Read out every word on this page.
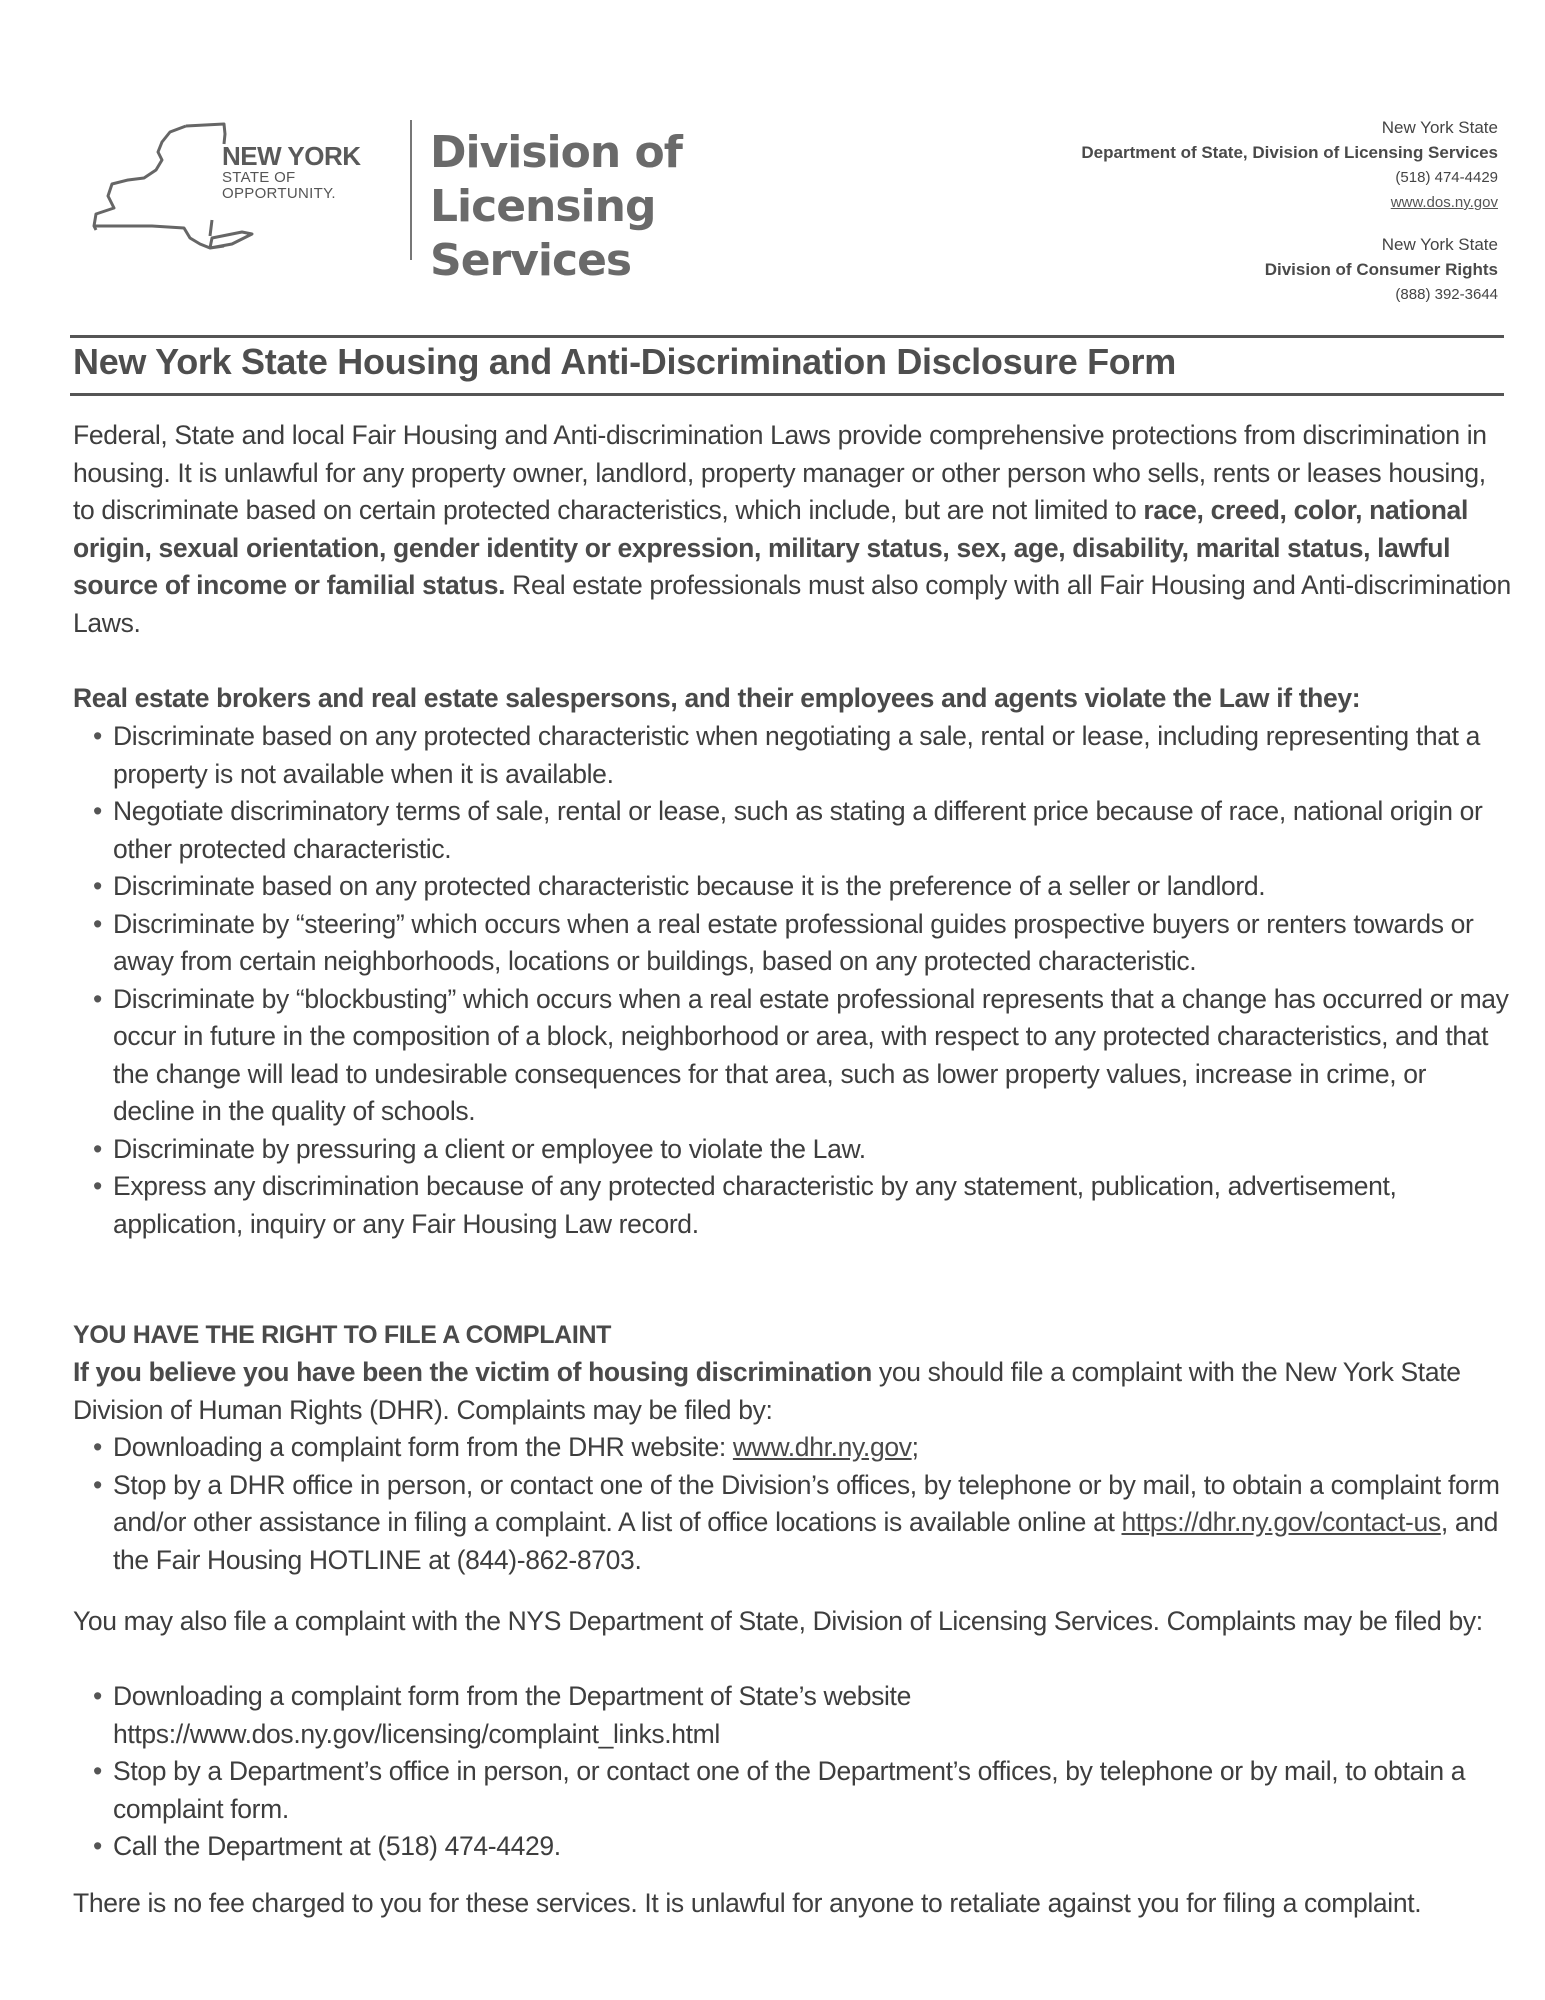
NEW YORK
STATE OF
OPPORTUNITY.
Division of
Licensing Services
New York State
Department of State, Division of Licensing Services
(518) 474-4429
www.dos.ny.gov
New York State
Division of Consumer Rights
(888) 392-3644
New York State Housing and Anti-Discrimination Disclosure Form
Federal, State and local Fair Housing and Anti-discrimination Laws provide comprehensive protections from discrimination in housing. It is unlawful for any property owner, landlord, property manager or other person who sells, rents or leases housing, to discriminate based on certain protected characteristics, which include, but are not limited to race, creed, color, national origin, sexual orientation, gender identity or expression, military status, sex, age, disability, marital status, lawful source of income or familial status. Real estate professionals must also comply with all Fair Housing and Anti-discrimination Laws.
Real estate brokers and real estate salespersons, and their employees and agents violate the Law if they:
• Discriminate based on any protected characteristic when negotiating a sale, rental or lease, including representing that a property is not available when it is available.
• Negotiate discriminatory terms of sale, rental or lease, such as stating a different price because of race, national origin or other protected characteristic.
• Discriminate based on any protected characteristic because it is the preference of a seller or landlord.
• Discriminate by “steering” which occurs when a real estate professional guides prospective buyers or renters towards or away from certain neighborhoods, locations or buildings, based on any protected characteristic.
• Discriminate by “blockbusting” which occurs when a real estate professional represents that a change has occurred or may occur in future in the composition of a block, neighborhood or area, with respect to any protected characteristics, and that the change will lead to undesirable consequences for that area, such as lower property values, increase in crime, or decline in the quality of schools.
• Discriminate by pressuring a client or employee to violate the Law.
• Express any discrimination because of any protected characteristic by any statement, publication, advertisement, application, inquiry or any Fair Housing Law record.
YOU HAVE THE RIGHT TO FILE A COMPLAINT
If you believe you have been the victim of housing discrimination you should file a complaint with the New York State Division of Human Rights (DHR). Complaints may be filed by:
• Downloading a complaint form from the DHR website: www.dhr.ny.gov;
• Stop by a DHR office in person, or contact one of the Division’s offices, by telephone or by mail, to obtain a complaint form and/or other assistance in filing a complaint. A list of office locations is available online at https://dhr.ny.gov/contact-us, and the Fair Housing HOTLINE at (844)-862-8703.
You may also file a complaint with the NYS Department of State, Division of Licensing Services. Complaints may be filed by:
• Downloading a complaint form from the Department of State’s website
https://www.dos.ny.gov/licensing/complaint_links.html
• Stop by a Department’s office in person, or contact one of the Department’s offices, by telephone or by mail, to obtain a complaint form.
• Call the Department at (518) 474-4429.
There is no fee charged to you for these services. It is unlawful for anyone to retaliate against you for filing a complaint.
